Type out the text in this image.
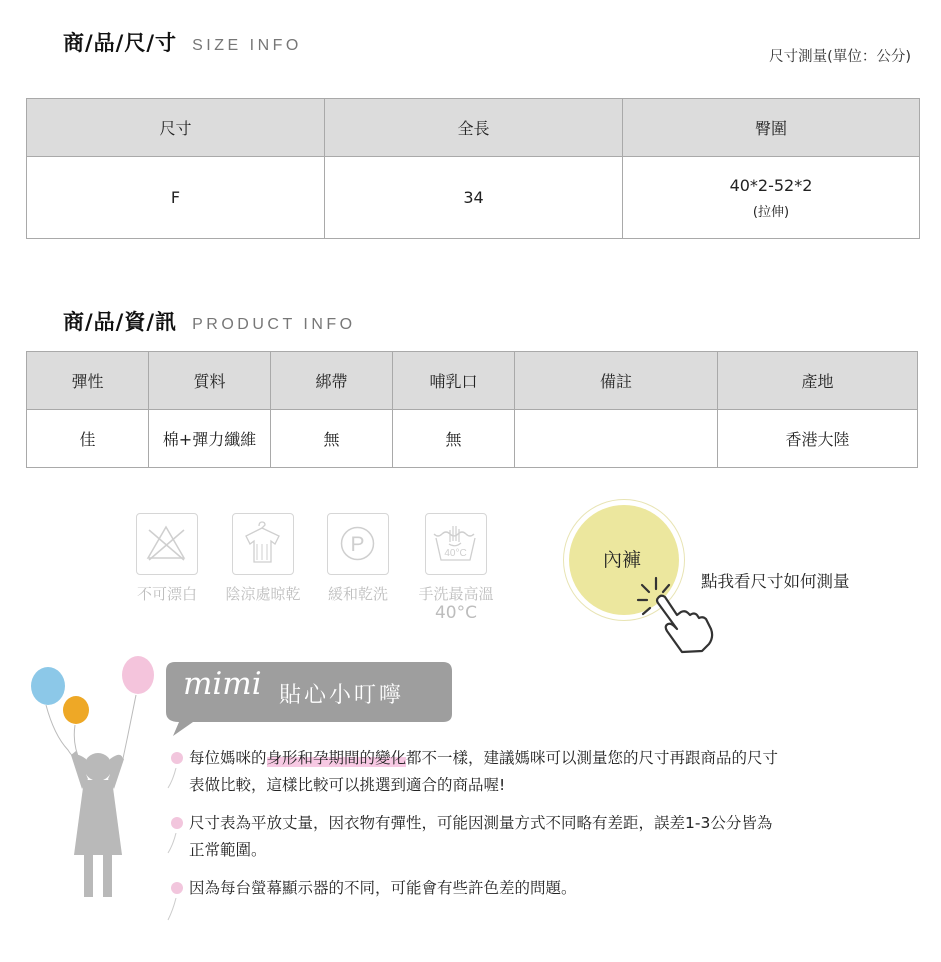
商/品/尺/寸 SIZE INFO
尺寸測量(單位：公分)
尺寸	全長	臀圍
F	34	40*2-52*2
(拉伸)
商/品/資/訊 PRODUCT INFO
彈性	質料	綁帶	哺乳口	備註	產地
佳	棉+彈力纖維	無	無		香港大陸
不可漂白	陰涼處晾乾
P
緩和乾洗
40°C
手洗最高溫
40°C
內褲
點我看尺寸如何測量
mimi 貼心小叮嚀
每位媽咪的身形和孕期間的變化都不一樣，建議媽咪可以測量您的尺寸再跟商品的尺寸
表做比較，這樣比較可以挑選到適合的商品喔!
尺寸表為平放丈量，因衣物有彈性，可能因測量方式不同略有差距，誤差1-3公分皆為
正常範圍。
因為每台螢幕顯示器的不同，可能會有些許色差的問題。
